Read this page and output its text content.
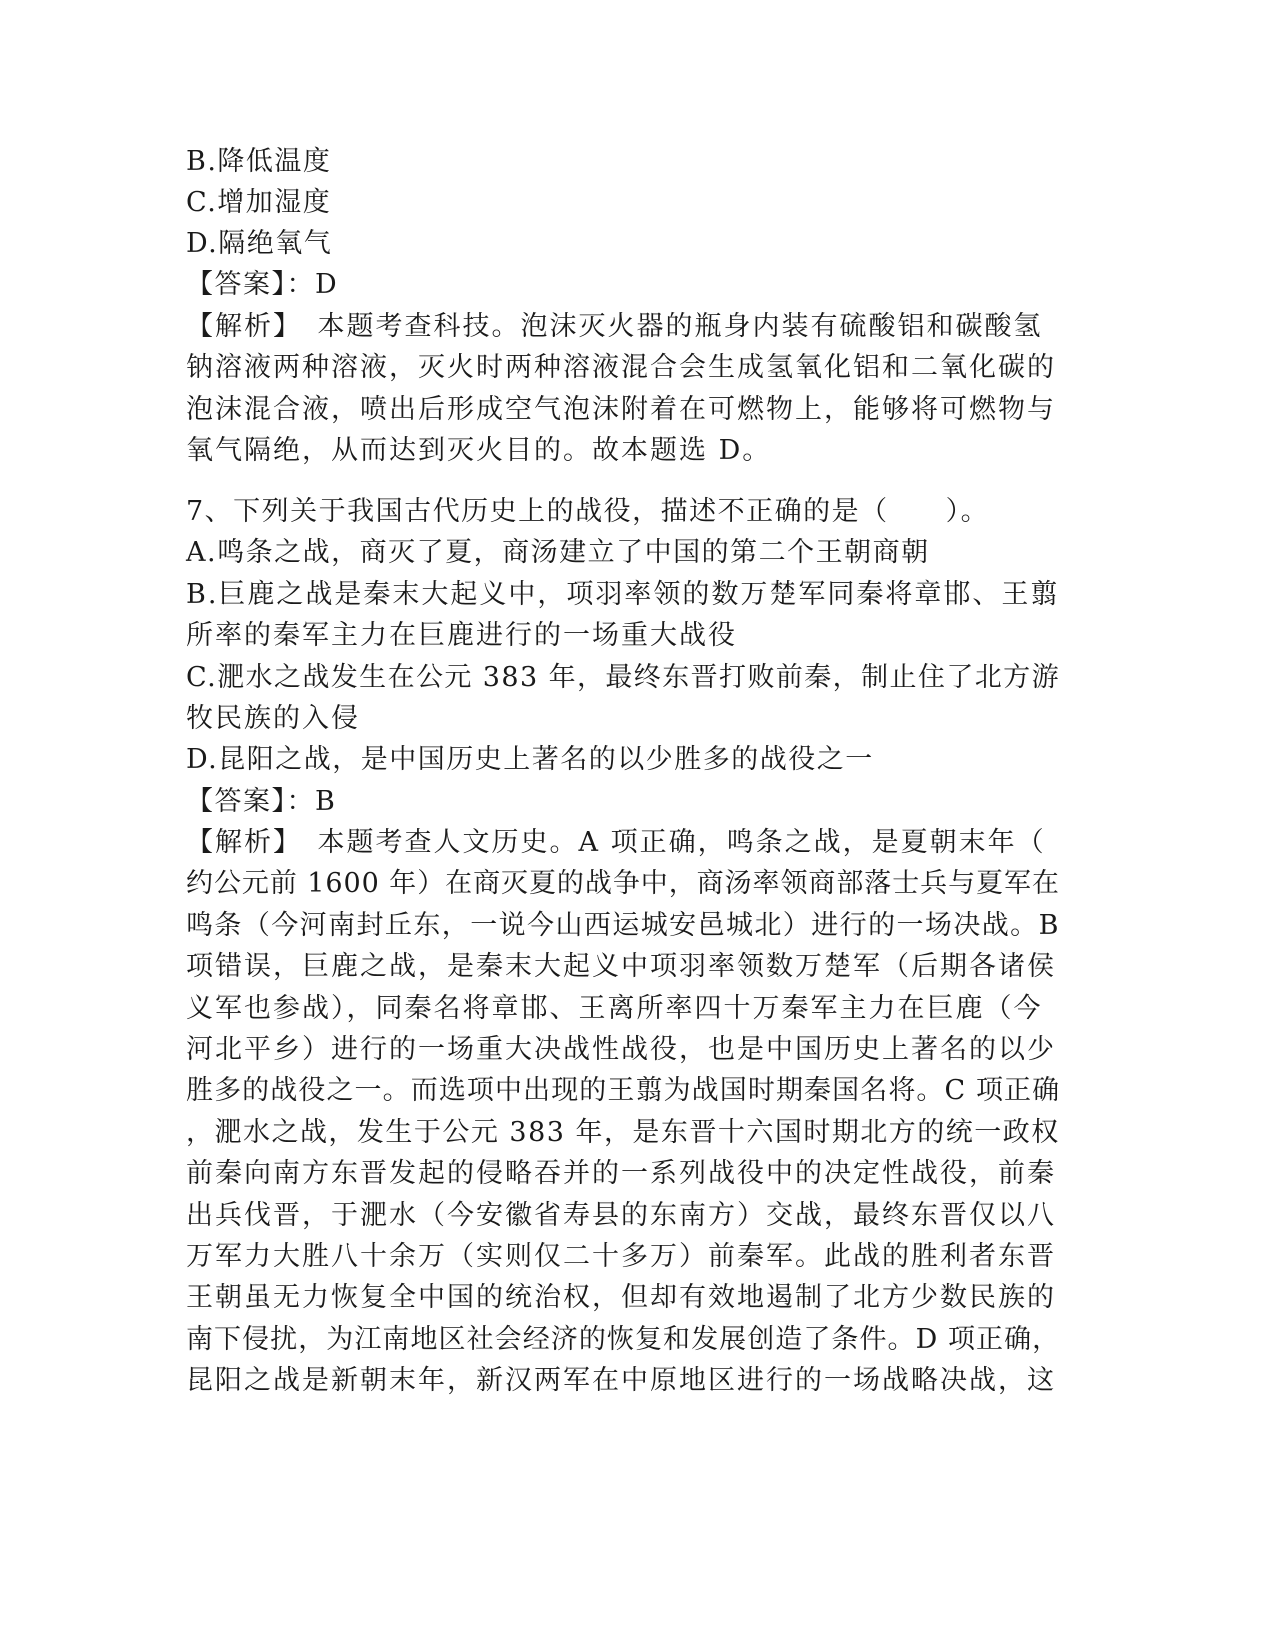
B.降低温度
C.增加湿度
D.隔绝氧气
【答案】：D
【解析】　本题考查科技。泡沫灭火器的瓶身内装有硫酸铝和碳酸氢
钠溶液两种溶液，灭火时两种溶液混合会生成氢氧化铝和二氧化碳的
泡沫混合液，喷出后形成空气泡沫附着在可燃物上，能够将可燃物与
氧气隔绝，从而达到灭火目的。故本题选 D。
7、下列关于我国古代历史上的战役，描述不正确的是（　　）。
A.鸣条之战，商灭了夏，商汤建立了中国的第二个王朝商朝
B.巨鹿之战是秦末大起义中，项羽率领的数万楚军同秦将章邯、王翦
所率的秦军主力在巨鹿进行的一场重大战役
C.淝水之战发生在公元 383 年，最终东晋打败前秦，制止住了北方游
牧民族的入侵
D.昆阳之战，是中国历史上著名的以少胜多的战役之一
【答案】：B
【解析】　本题考查人文历史。A 项正确，鸣条之战，是夏朝末年（
约公元前 1600 年）在商灭夏的战争中，商汤率领商部落士兵与夏军在
鸣条（今河南封丘东，一说今山西运城安邑城北）进行的一场决战。B
项错误，巨鹿之战，是秦末大起义中项羽率领数万楚军（后期各诸侯
义军也参战），同秦名将章邯、王离所率四十万秦军主力在巨鹿（今
河北平乡）进行的一场重大决战性战役，也是中国历史上著名的以少
胜多的战役之一。而选项中出现的王翦为战国时期秦国名将。C 项正确
，淝水之战，发生于公元 383 年，是东晋十六国时期北方的统一政权
前秦向南方东晋发起的侵略吞并的一系列战役中的决定性战役，前秦
出兵伐晋，于淝水（今安徽省寿县的东南方）交战，最终东晋仅以八
万军力大胜八十余万（实则仅二十多万）前秦军。此战的胜利者东晋
王朝虽无力恢复全中国的统治权，但却有效地遏制了北方少数民族的
南下侵扰，为江南地区社会经济的恢复和发展创造了条件。D 项正确，
昆阳之战是新朝末年，新汉两军在中原地区进行的一场战略决战，这
